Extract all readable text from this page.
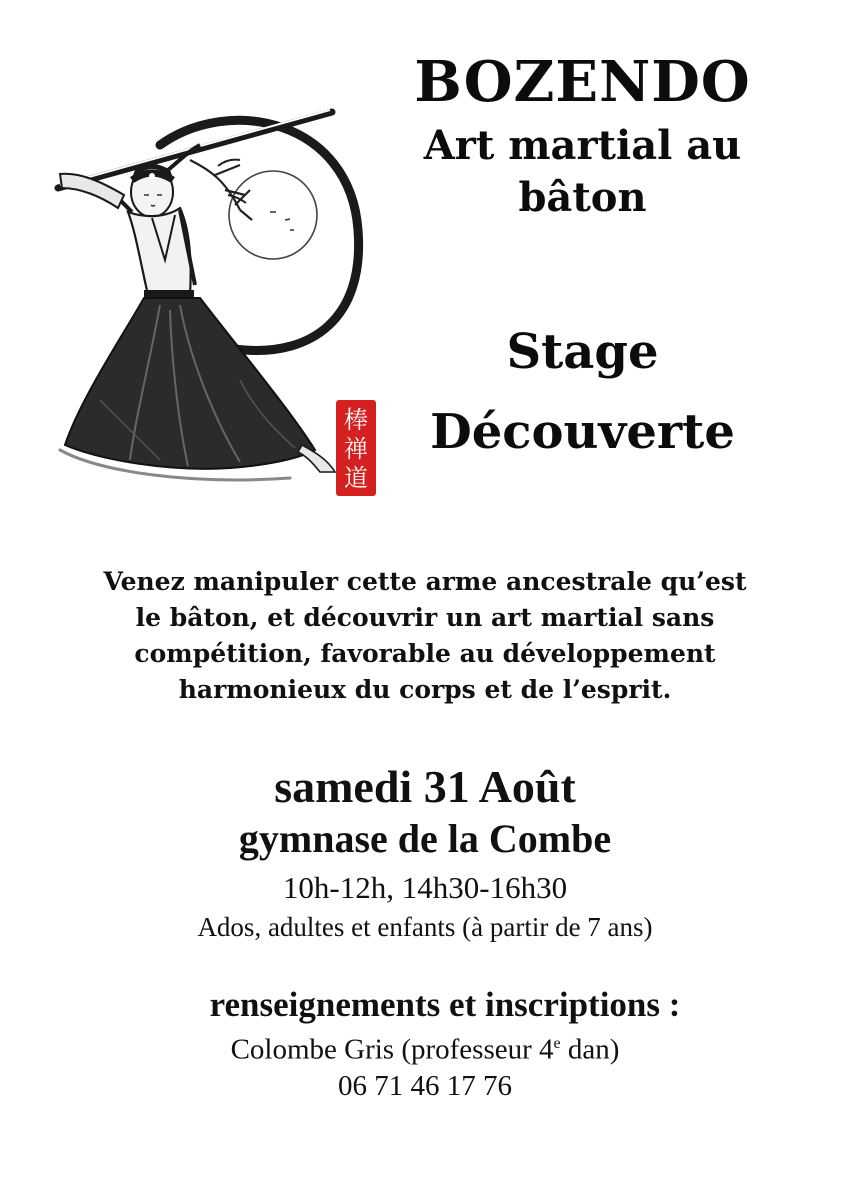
棒
禅
道
BOZENDO
Art martial au
bâton
Stage
Découverte
Venez manipuler cette arme ancestrale qu’est
le bâton, et découvrir un art martial sans
compétition, favorable au développement
harmonieux du corps et de l’esprit.
samedi 31 Août
gymnase de la Combe
10h-12h, 14h30-16h30
Ados, adultes et enfants (à partir de 7 ans)
renseignements et inscriptions :
Colombe Gris (professeur 4e dan)
06 71 46 17 76
